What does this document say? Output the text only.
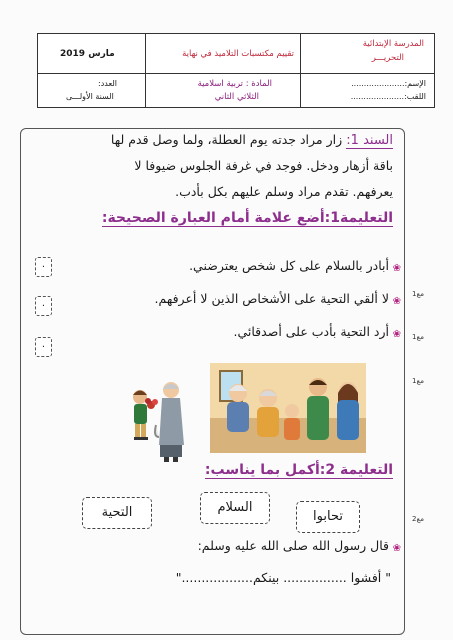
المدرسة الإبتدائية
التحريـــر
الإسم:.....................
اللقب:.....................
تقييم مكتسبات التلاميذ في نهاية
المادة : تربية اسلامية
الثلاثي الثاني
مارس 2019
العدد:
السنة الأولـــى
السند 1: زار مراد جدته يوم العطلة، ولما وصل قدم لها
باقة أزهار ودخل. فوجد في غرفة الجلوس ضيوفا لا
يعرفهم. تقدم مراد وسلم عليهم بكل بأدب.
التعليمة1:أضع علامة أمام العبارة الصحيحة:
❀
أبادر بالسلام على كل شخص يعترضني.
.
❀
لا ألقي التحية على الأشخاص الذين لا أعرفهم.
.
❀
أرد التحية بأدب على أصدقائي.
.
مع1
مع1
مع1
التعليمة 2:أكمل بما يناسب:
تحابوا
السلام
التحية
❀
قال رسول الله صلى الله عليه وسلم:
" أفشوا ................ بينكم.................."
مع2
